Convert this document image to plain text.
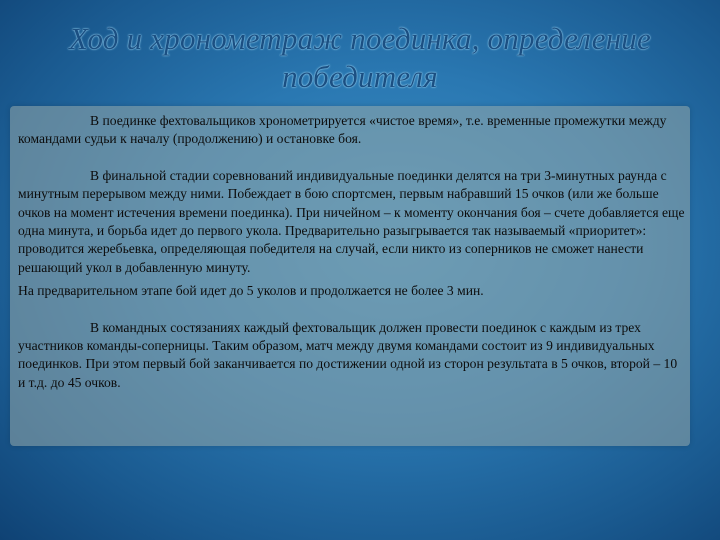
Ход и хронометраж поединка, определение победителя

В поединке фехтовальщиков хронометрируется «чистое время», т.е. временные промежутки между командами судьи к началу (продолжению) и остановке боя.

В финальной стадии соревнований индивидуальные поединки делятся на три 3-минутных раунда с минутным перерывом между ними. Побеждает в бою спортсмен, первым набравший 15 очков (или же больше очков на момент истечения времени поединка). При ничейном – к моменту окончания боя – счете добавляется еще одна минута, и борьба идет до первого укола. Предварительно разыгрывается так называемый «приоритет»: проводится жеребьевка, определяющая победителя на случай, если никто из соперников не сможет нанести решающий укол в добавленную минуту.

На предварительном этапе бой идет до 5 уколов и продолжается не более 3 мин.

В командных состязаниях каждый фехтовальщик должен провести поединок с каждым из трех участников команды-соперницы. Таким образом, матч между двумя командами состоит из 9 индивидуальных поединков. При этом первый бой заканчивается по достижении одной из сторон результата в 5 очков, второй – 10 и т.д. до 45 очков.
